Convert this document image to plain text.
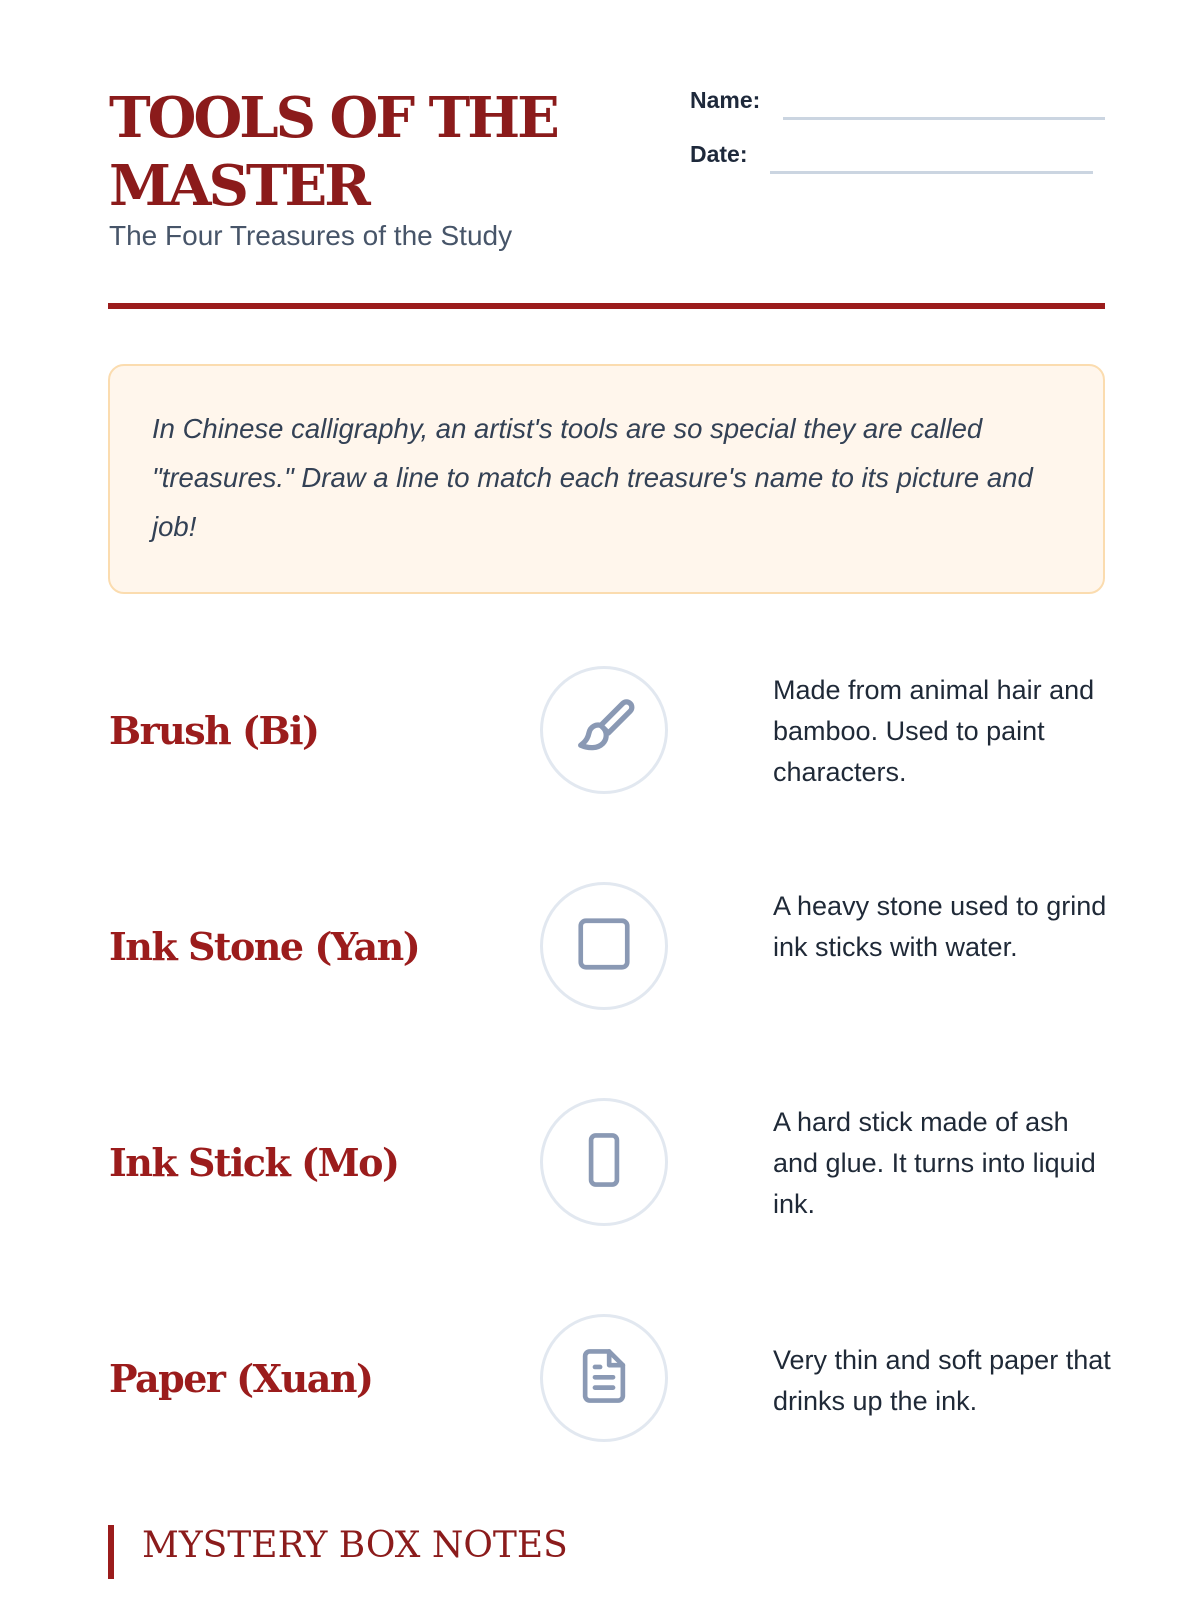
TOOLS OF THE MASTER
The Four Treasures of the Study
Name:
Date:
In Chinese calligraphy, an artist's tools are so special they are called "treasures." Draw a line to match each treasure's name to its picture and job!
Brush (Bi)
Made from animal hair and bamboo. Used to paint characters.
Ink Stone (Yan)
A heavy stone used to grind ink sticks with water.
Ink Stick (Mo)
A hard stick made of ash and glue. It turns into liquid ink.
Paper (Xuan)	Very thin and soft paper that drinks up the ink.
MYSTERY BOX NOTES
